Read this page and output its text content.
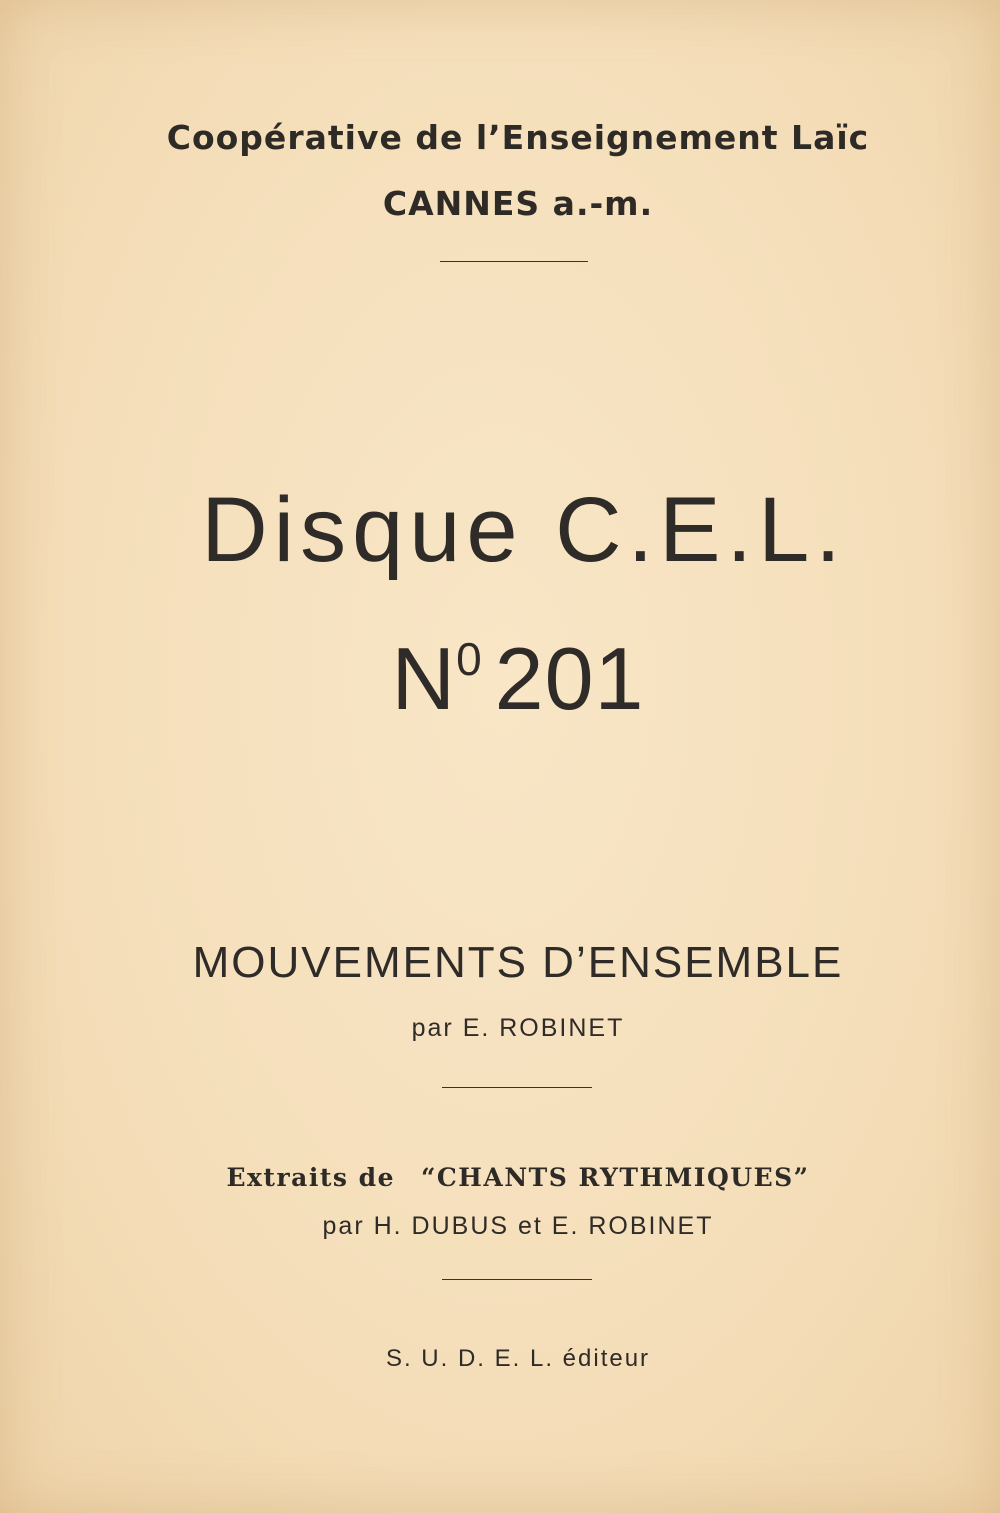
Coopérative de l’Enseignement Laïc
CANNES a.-m.
Disque C.E.L.
$N^0$ 201
MOUVEMENTS D’ENSEMBLE
par E. ROBINET
Extraits de “CHANTS RYTHMIQUES”
par H. DUBUS et E. ROBINET
S. U. D. E. L. éditeur
